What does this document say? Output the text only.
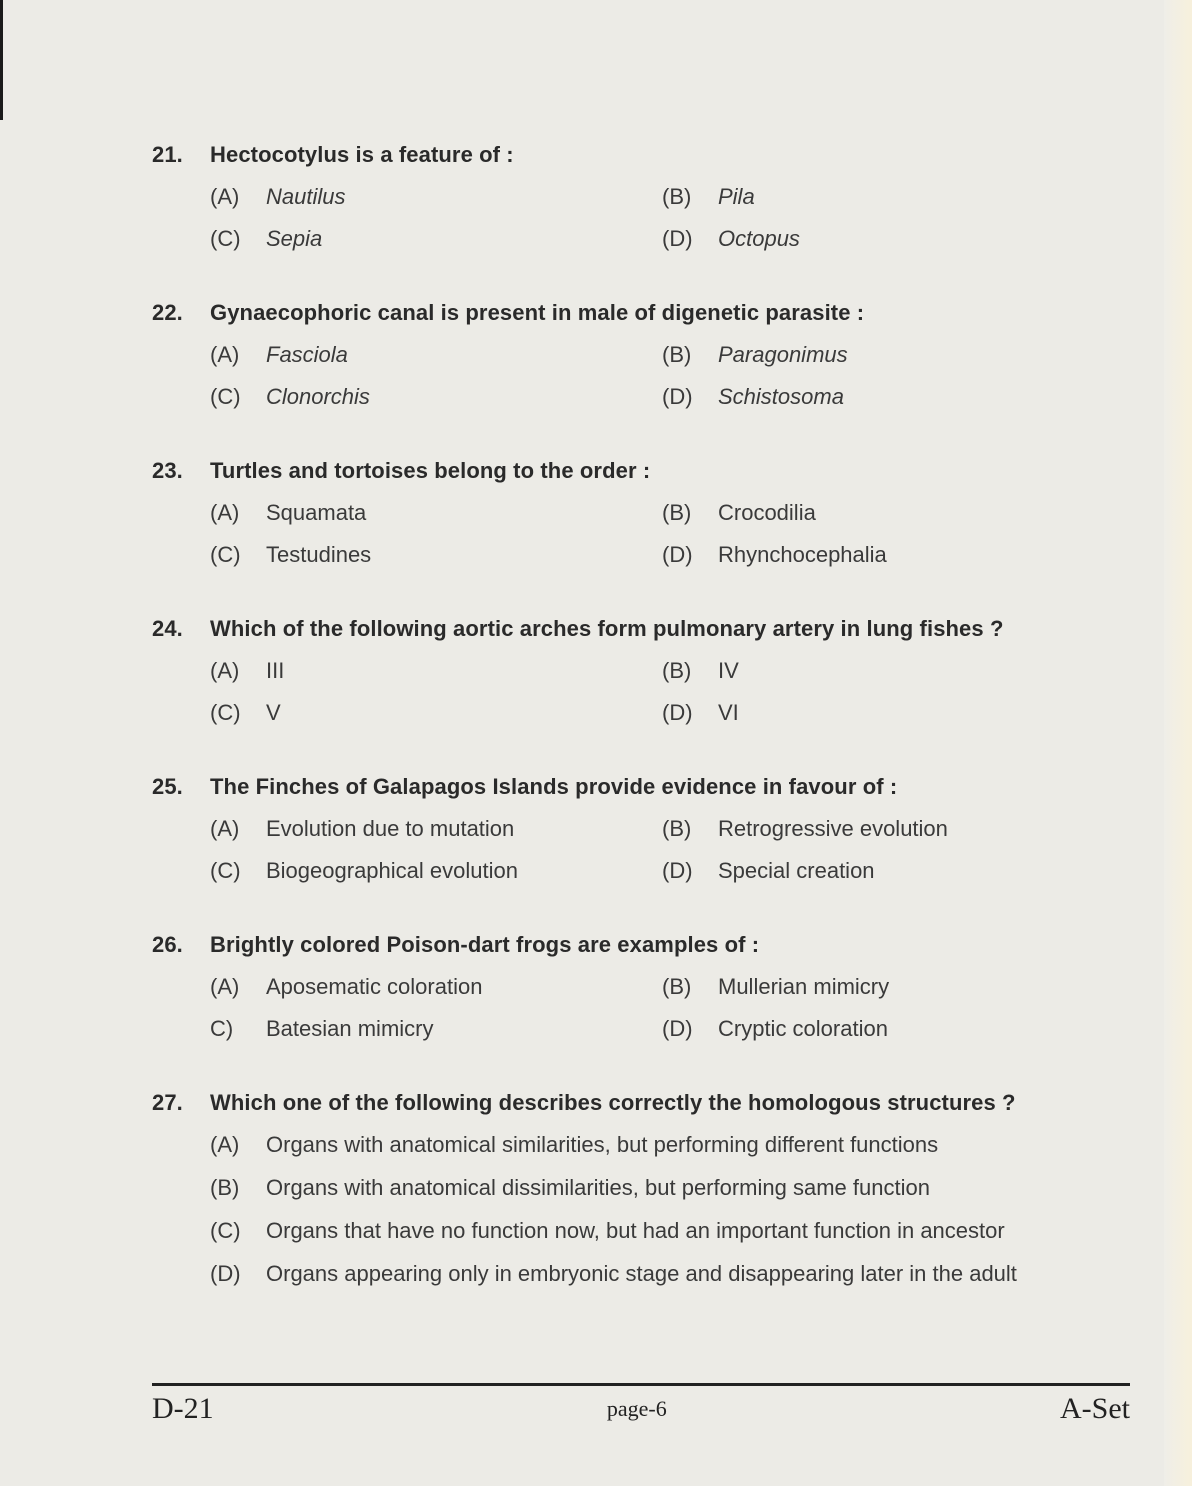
21.	Hectocotylus is a feature of :
(A)	Nautilus	(B)	Pila
(C)	Sepia	(D)	Octopus
22.	Gynaecophoric canal is present in male of digenetic parasite :
(A)	Fasciola	(B)	Paragonimus
(C)	Clonorchis	(D)	Schistosoma
23.	Turtles and tortoises belong to the order :
(A)	Squamata	(B)	Crocodilia
(C)	Testudines	(D)	Rhynchocephalia
24.	Which of the following aortic arches form pulmonary artery in lung fishes ?
(A)	III	(B)	IV
(C)	V	(D)	VI
25.	The Finches of Galapagos Islands provide evidence in favour of :
(A)	Evolution due to mutation	(B)	Retrogressive evolution
(C)	Biogeographical evolution	(D)	Special creation
26.	Brightly colored Poison-dart frogs are examples of :
(A)	Aposematic coloration	(B)	Mullerian mimicry
C)	Batesian mimicry	(D)	Cryptic coloration
27.	Which one of the following describes correctly the homologous structures ?
(A)	Organs with anatomical similarities, but performing different functions
(B)	Organs with anatomical dissimilarities, but performing same function
(C)	Organs that have no function now, but had an important function in ancestor
(D)	Organs appearing only in embryonic stage and disappearing later in the adult
D-21	page-6	A-Set
